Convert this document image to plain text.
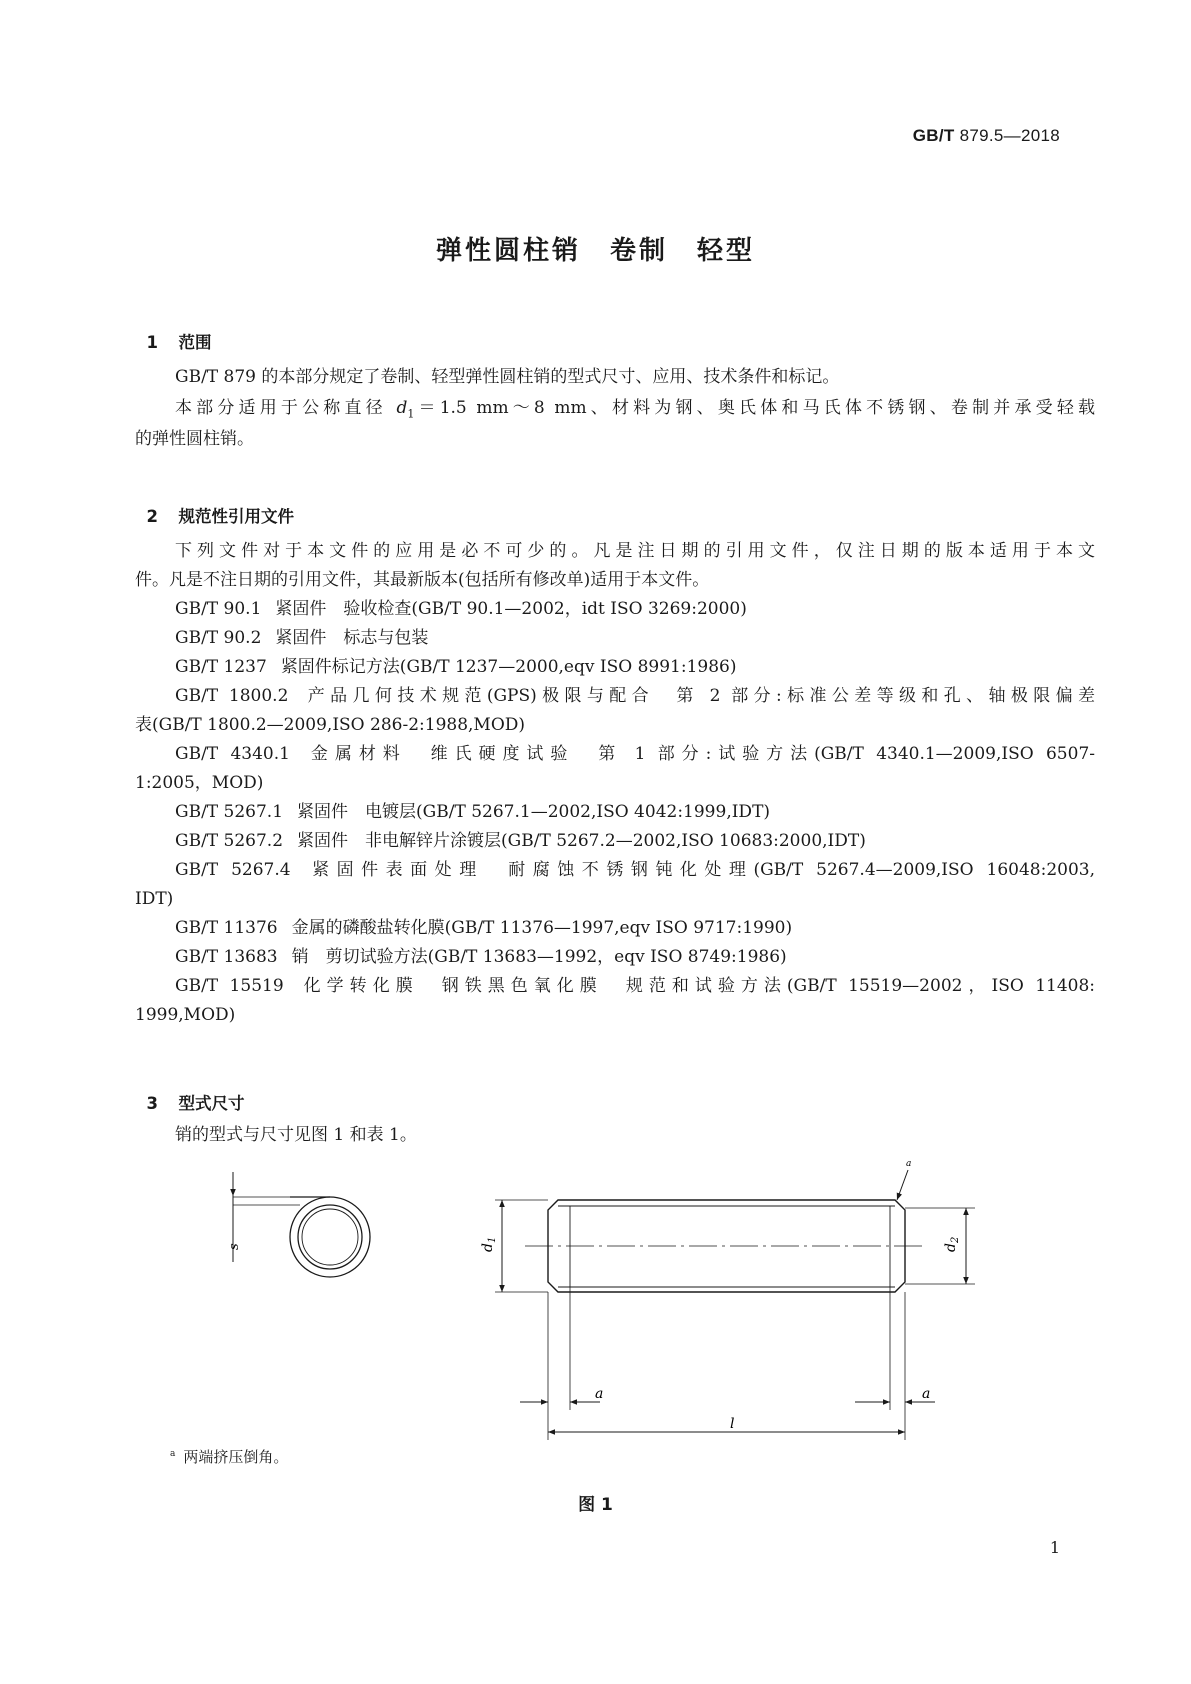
GB/T 879.5—2018
弹性圆柱销　卷制　轻型

1 范围

GB/T 879 的本部分规定了卷制、轻型弹性圆柱销的型式尺寸、应用、技术条件和标记。
本部分适用于公称直径 $d_1=1.5$ mm～8 mm、材料为钢、奥氏体和马氏体不锈钢、卷制并承受轻载
的弹性圆柱销。

2 规范性引用文件

下列文件对于本文件的应用是必不可少的。凡是注日期的引用文件，仅注日期的版本适用于本文
件。凡是不注日期的引用文件，其最新版本(包括所有修改单)适用于本文件。
GB/T 90.1 紧固件　验收检查(GB/T 90.1—2002，idt ISO 3269:2000)
GB/T 90.2 紧固件　标志与包装
GB/T 1237 紧固件标记方法(GB/T 1237—2000,eqv ISO 8991:1986)
GB/T 1800.2 产品几何技术规范(GPS)极限与配合　第 2 部分:标准公差等级和孔、轴极限偏差
表(GB/T 1800.2—2009,ISO 286-2:1988,MOD)
GB/T 4340.1 金属材料　维氏硬度试验　第 1 部分:试验方法(GB/T 4340.1—2009,ISO 6507-
1:2005，MOD)
GB/T 5267.1 紧固件　电镀层(GB/T 5267.1—2002,ISO 4042:1999,IDT)
GB/T 5267.2 紧固件　非电解锌片涂镀层(GB/T 5267.2—2002,ISO 10683:2000,IDT)
GB/T 5267.4 紧固件表面处理　耐腐蚀不锈钢钝化处理(GB/T 5267.4—2009,ISO 16048:2003,
IDT)
GB/T 11376 金属的磷酸盐转化膜(GB/T 11376—1997,eqv ISO 9717:1990)
GB/T 13683 销　剪切试验方法(GB/T 13683—1992，eqv ISO 8749:1986)
GB/T 15519 化学转化膜　钢铁黑色氧化膜　规范和试验方法(GB/T 15519—2002，ISO 11408:
1999,MOD)

3 型式尺寸

销的型式与尺寸见图 1 和表 1。
s	$d_1$
$d_2$
a	a
l
a
$^a$ 两端挤压倒角。
图 1
1
